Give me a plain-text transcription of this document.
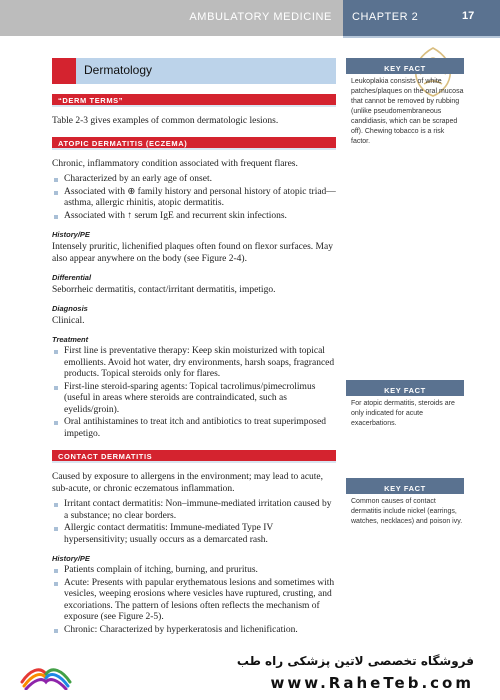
AMBULATORY MEDICINE CHAPTER 2	17
Dermatology
“DERM TERMS”

Table 2-3 gives examples of common dermatologic lesions.

ATOPIC DERMATITIS (ECZEMA)

Chronic, inflammatory condition associated with frequent flares.

Characterized by an early age of onset.
Associated with ⊕ family history and personal history of atopic triad—asthma, allergic rhinitis, atopic dermatitis.
Associated with ↑ serum IgE and recurrent skin infections.
History/PE

Intensely pruritic, lichenified plaques often found on flexor surfaces. May also appear anywhere on the body (see Figure 2-4).

Differential

Seborrheic dermatitis, contact/irritant dermatitis, impetigo.

Diagnosis

Clinical.

Treatment
First line is preventative therapy: Keep skin moisturized with topical emollients. Avoid hot water, dry environments, harsh soaps, fragranced products. Topical steroids only for flares.
First-line steroid-sparing agents: Topical tacrolimus/pimecrolimus (useful in areas where steroids are contraindicated, such as eyelids/groin).
Oral antihistamines to treat itch and antibiotics to treat superimposed impetigo.
CONTACT DERMATITIS

Caused by exposure to allergens in the environment; may lead to acute, sub-acute, or chronic eczematous inflammation.

Irritant contact dermatitis: Non–immune-mediated irritation caused by a substance; no clear borders.
Allergic contact dermatitis: Immune-mediated Type IV hypersensitivity; usually occurs as a demarcated rash.
History/PE
Patients complain of itching, burning, and pruritus.
Acute: Presents with papular erythematous lesions and sometimes with vesicles, weeping erosions where vesicles have ruptured, crusting, and excoriations. The pattern of lesions often reflects the mechanism of exposure (see Figure 2-5).
Chronic: Characterized by hyperkeratosis and lichenification.
KEY FACT

Leukoplakia consists of white patches/plaques on the oral mucosa that cannot be removed by rubbing (unlike pseudomembraneous candidiasis, which can be scraped off). Chewing tobacco is a risk factor.

KEY FACT

For atopic dermatitis, steroids are only indicated for acute exacerbations.

KEY FACT

Common causes of contact dermatitis include nickel (earrings, watches, necklaces) and poison ivy.

فروشگاه تخصصی لاتین پزشکی راه طب
www.RaheTeb.com
